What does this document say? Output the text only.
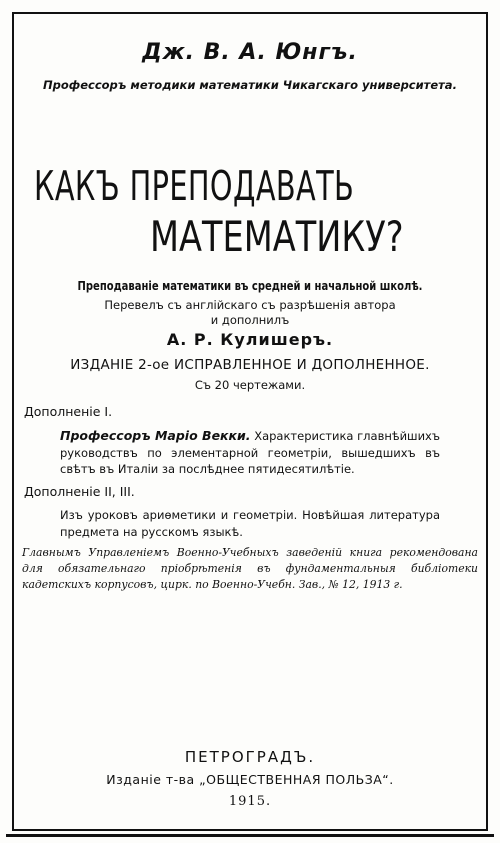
Дж. В. А. Юнгъ.

Профессоръ методики математики Чикагскаго университета.

КАКЪ ПРЕПОДАВАТЬ

МАТЕМАТИКУ?

Преподаванiе математики въ средней и начальной школѣ.

Перевелъ съ англiйскаго съ разрѣшенiя автора

и дополнилъ

А. Р. Кулишеръ.

ИЗДАНIЕ 2-ое ИСПРАВЛЕННОЕ И ДОПОЛНЕННОЕ.

Съ 20 чертежами.

Дополненiе I.

Профессоръ Марiо Векки. Характеристика главнѣйшихъ руководствъ по элементарной геометрiи, вышедшихъ въ свѣтъ въ Италiи за послѣднее пятидесятилѣтiе.

Дополненiе II, III.

Изъ уроковъ ариѳметики и геометрiи. Новѣйшая литература предмета на русскомъ языкѣ.

Главнымъ Управленiемъ Военно-Учебныхъ заведенiй книга рекомендована для обязательнаго прiобрѣтенiя въ фундаментальныя библiотеки кадетскихъ корпусовъ, цирк. по Военно-Учебн. Зав., № 12, 1913 г.

ПЕТРОГРАДЪ.

Изданiе т-ва „ОБЩЕСТВЕННАЯ ПОЛЬЗА“.

1915.
